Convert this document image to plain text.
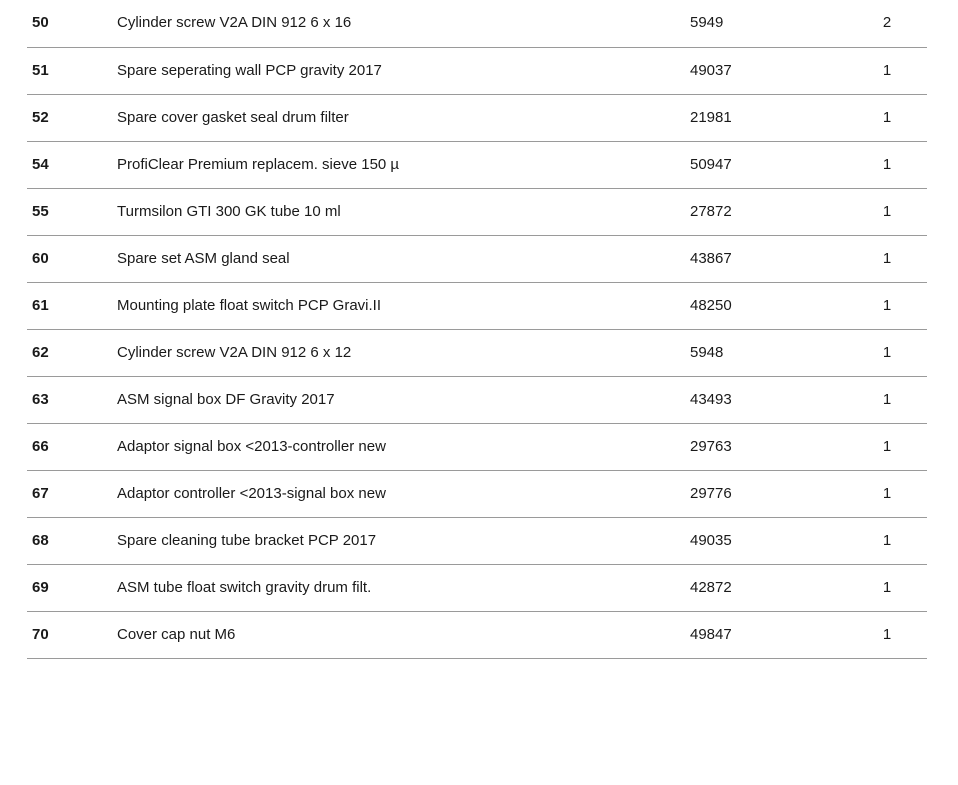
50	Cylinder screw V2A DIN 912 6 x 16	5949	2
51	Spare seperating wall PCP gravity 2017	49037	1
52	Spare cover gasket seal drum filter	21981	1
54	ProfiClear Premium replacem. sieve 150 µ	50947	1
55	Turmsilon GTI 300 GK tube 10 ml	27872	1
60	Spare set ASM gland seal	43867	1
61	Mounting plate float switch PCP Gravi.II	48250	1
62	Cylinder screw V2A DIN 912 6 x 12	5948	1
63	ASM signal box DF Gravity 2017	43493	1
66	Adaptor signal box <2013-controller new	29763	1
67	Adaptor controller <2013-signal box new	29776	1
68	Spare cleaning tube bracket PCP 2017	49035	1
69	ASM tube float switch gravity drum filt.	42872	1
70	Cover cap nut M6	49847	1
